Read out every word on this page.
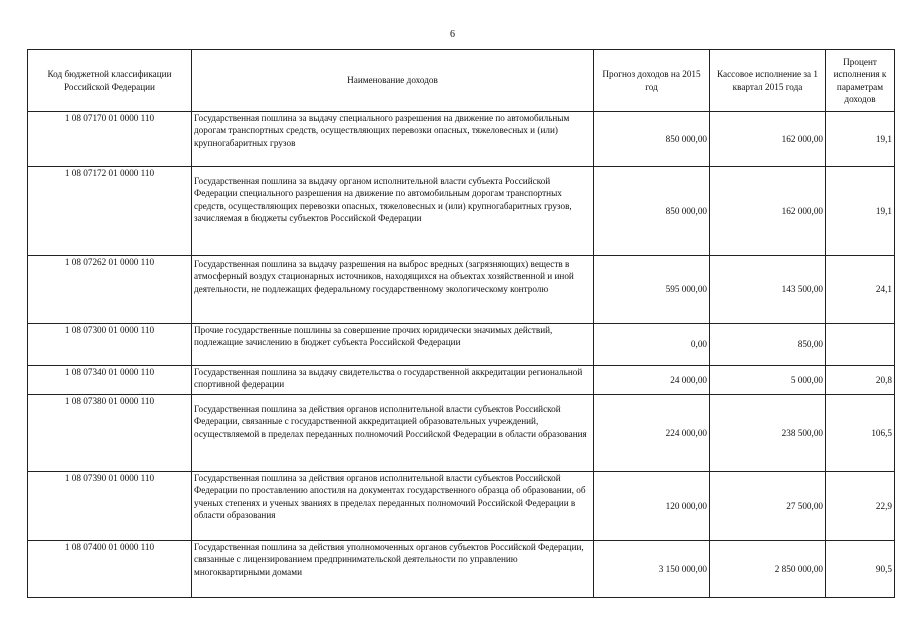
6
Код бюджетной классификации Российской Федерации	Наименование доходов	Прогноз доходов на 2015 год	Кассовое исполнение за 1 квартал 2015 года	Процент исполнения к параметрам доходов
1 08 07170 01 0000 110	Государственная пошлина за выдачу специального разрешения на движение по автомобильным дорогам транспортных средств, осуществляющих перевозки опасных, тяжеловесных и (или) крупногабаритных грузов	850 000,00	162 000,00	19,1
1 08 07172 01 0000 110	Государственная пошлина за выдачу органом исполнительной власти субъекта Российской Федерации специального разрешения на движение по автомобильным дорогам транспортных средств, осуществляющих перевозки опасных, тяжеловесных и (или) крупногабаритных грузов, зачисляемая в бюджеты субъектов Российской Федерации	850 000,00	162 000,00	19,1
1 08 07262 01 0000 110	Государственная пошлина за выдачу разрешения на выброс вредных (загрязняющих) веществ в атмосферный воздух стационарных источников, находящихся на объектах хозяйственной и иной деятельности, не подлежащих федеральному государственному экологическому контролю	595 000,00	143 500,00	24,1
1 08 07300 01 0000 110	Прочие государственные пошлины за совершение прочих юридически значимых действий, подлежащие зачислению в бюджет субъекта Российской Федерации	0,00	850,00	
1 08 07340 01 0000 110	Государственная пошлина за выдачу свидетельства о государственной аккредитации региональной спортивной федерации	24 000,00	5 000,00	20,8
1 08 07380 01 0000 110	Государственная пошлина за действия органов исполнительной власти субъектов Российской Федерации, связанные с государственной аккредитацией образовательных учреждений, осуществляемой в пределах переданных полномочий Российской Федерации в области образования	224 000,00	238 500,00	106,5
1 08 07390 01 0000 110	Государственная пошлина за действия органов исполнительной власти субъектов Российской Федерации по проставлению апостиля на документах государственного образца об образовании, об ученых степенях и ученых званиях в пределах переданных полномочий Российской Федерации в области образования	120 000,00	27 500,00	22,9
1 08 07400 01 0000 110	Государственная пошлина за действия уполномоченных органов субъектов Российской Федерации, связанные с лицензированием предпринимательской деятельности по управлению многоквартирными домами	3 150 000,00	2 850 000,00	90,5
